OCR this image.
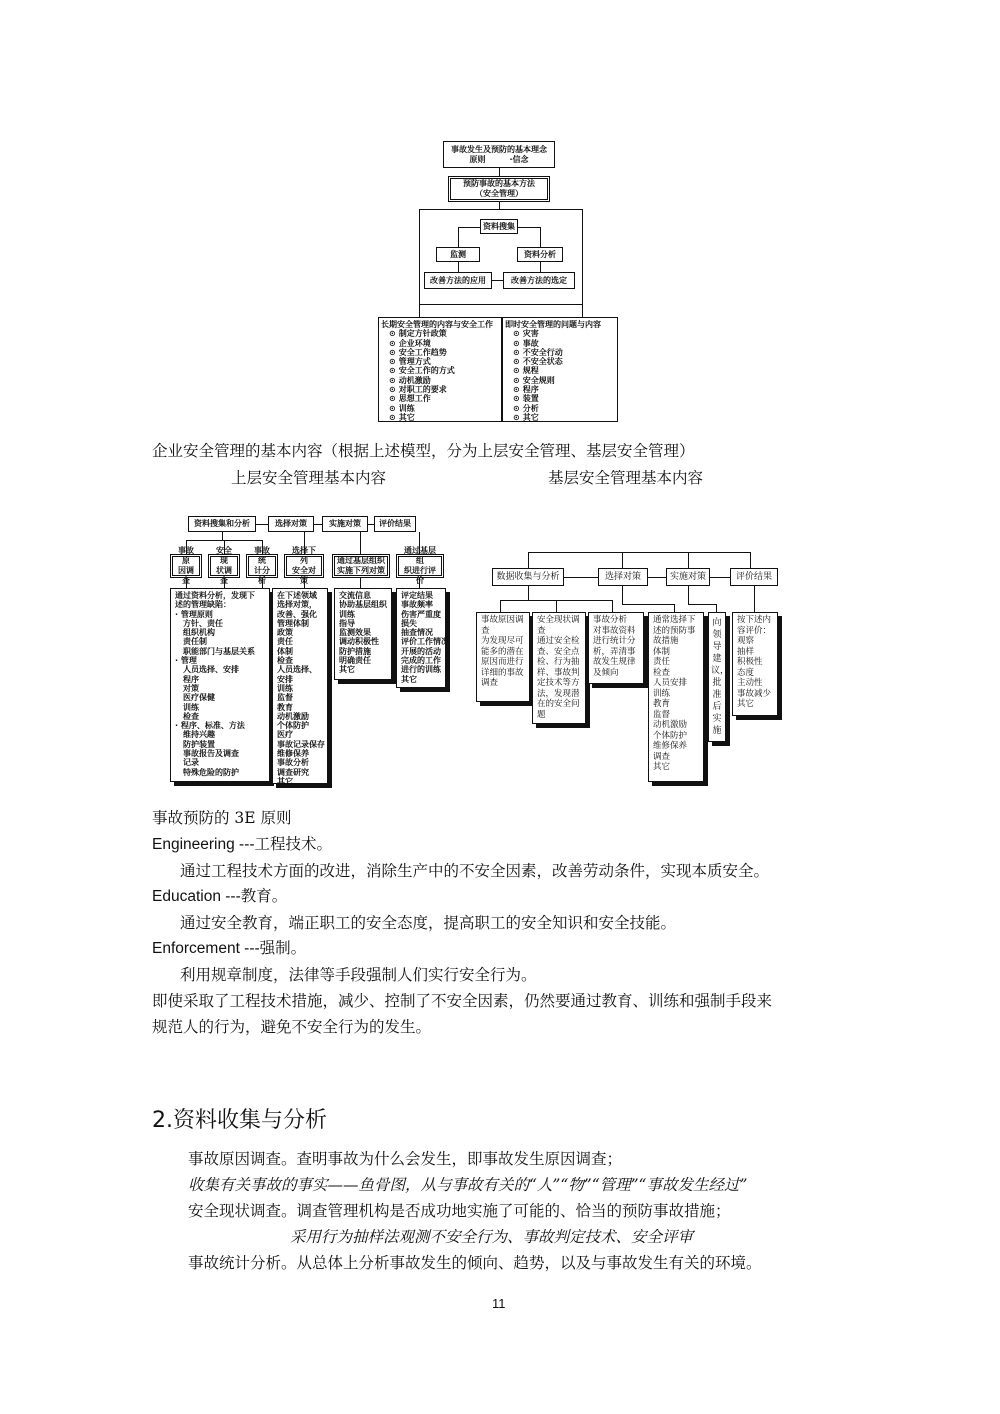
事故发生及预防的基本理念
原则　　　·信念
预防事故的基本方法
（安全管理）
资料搜集
监测	资料分析
改善方法的应用	改善方法的选定
长期安全管理的内容与安全工作
⊙ 制定方针政策
⊙ 企业环境
⊙ 安全工作趋势
⊙ 管理方式
⊙ 安全工作的方式
⊙ 动机激励
⊙ 对职工的要求
⊙ 思想工作
⊙ 训练
⊙ 其它
即时安全管理的问题与内容
⊙ 灾害
⊙ 事故
⊙ 不安全行动
⊙ 不安全状态
⊙ 规程
⊙ 安全规则
⊙ 程序
⊙ 装置
⊙ 分析
⊙ 其它
企业安全管理的基本内容（根据上述模型，分为上层安全管理、基层安全管理）
上层安全管理基本内容	基层安全管理基本内容
资料搜集和分析	选择对策	实施对策	评价结果
事故原
因调查
安全现
状调查
事故统
计分析
选择下列
安全对策
通过基层组织
实施下列对策
通过基层组
织进行评价
通过资料分析，发现下
述的管理缺陷：
· 管理原则
　方针、责任
　组织机构
　责任制
　职能部门与基层关系
· 管理
　人员选择、安排
　程序
　对策
　医疗保健
　训练
　检查
· 程序、标准、方法
　维持兴趣
　防护装置
　事故报告及调查
　记录
　特殊危险的防护
在下述领域
选择对策，
改善、强化
管理体制
政策
责任
体制
检查
人员选择、
安排
训练
监督
教育
动机激励
个体防护
医疗
事故记录保存
维修保养
事故分析
调查研究
其它
交流信息
协助基层组织
训练
指导
监测效果
调动积极性
防护措施
明确责任
其它
评定结果
事故频率
伤害严重度
损失
抽查情况
评价工作情况
开展的活动
完成的工作
进行的训练
其它
数据收集与分析	选择对策	实施对策	评价结果
事故原因调
查
为发现尽可
能多的潜在
原因而进行
详细的事故
调查
安全现状调
查
通过安全检
查、安全点
检、行为抽
样、事故判
定技术等方
法，发现潜
在的安全问
题
事故分析
对事故资料
进行统计分
析，弄清事
故发生规律
及倾向
通常选择下
述的预防事
故措施
体制
责任
检查
人员安排
训练
教育
监督
动机激励
个体防护
维修保养
调查
其它
向领导建议，批准后实施
按下述内
容评价：
观察
抽样
积极性
态度
主动性
事故减少
其它
事故预防的 3E 原则
Engineering ---工程技术。
通过工程技术方面的改进，消除生产中的不安全因素，改善劳动条件，实现本质安全。
Education ---教育。
通过安全教育，端正职工的安全态度，提高职工的安全知识和安全技能。
Enforcement ---强制。
利用规章制度，法律等手段强制人们实行安全行为。
即使采取了工程技术措施，减少、控制了不安全因素，仍然要通过教育、训练和强制手段来
规范人的行为，避免不安全行为的发生。
2.资料收集与分析
事故原因调查。查明事故为什么会发生，即事故发生原因调查；
收集有关事故的事实——鱼骨图，从与事故有关的“人”“物”“管理”“事故发生经过”
安全现状调查。调查管理机构是否成功地实施了可能的、恰当的预防事故措施；
采用行为抽样法观测不安全行为、事故判定技术、安全评审
事故统计分析。从总体上分析事故发生的倾向、趋势，以及与事故发生有关的环境。
11
